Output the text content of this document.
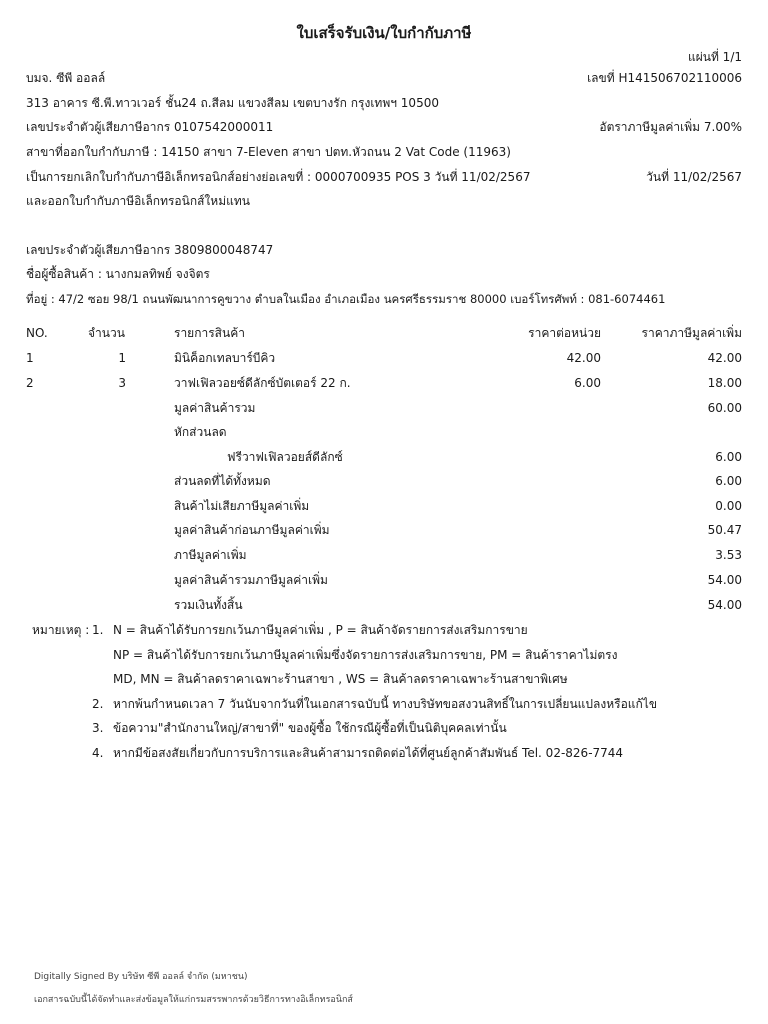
ใบเสร็จรับเงิน/ใบกำกับภาษี
แผ่นที่ 1/1
บมจ. ซีพี ออลล์	เลขที่ H141506702110006
313 อาคาร ซี.พี.ทาวเวอร์ ชั้น24 ถ.สีลม แขวงสีลม เขตบางรัก กรุงเทพฯ 10500
เลขประจำตัวผู้เสียภาษีอากร 0107542000011	อัตราภาษีมูลค่าเพิ่ม 7.00%
สาขาที่ออกใบกำกับภาษี : 14150 สาขา 7-Eleven สาขา ปตท.หัวถนน 2 Vat Code (11963)
เป็นการยกเลิกใบกำกับภาษีอิเล็กทรอนิกส์อย่างย่อเลขที่ : 0000700935 POS 3 วันที่ 11/02/2567	วันที่ 11/02/2567
และออกใบกำกับภาษีอิเล็กทรอนิกส์ใหม่แทน
เลขประจำตัวผู้เสียภาษีอากร 3809800048747
ชื่อผู้ซื้อสินค้า : นางกมลทิพย์ จงจิตร
ที่อยู่ : 47/2 ซอย 98/1 ถนนพัฒนาการคูขวาง ตำบลในเมือง อำเภอเมือง นครศรีธรรมราช 80000 เบอร์โทรศัพท์ : 081-6074461
NO.	จำนวน	รายการสินค้า	ราคาต่อหน่วย	ราคาภาษีมูลค่าเพิ่ม
1	1	มินิค็อกเทลบาร์บีคิว	42.00	42.00
2	3	วาฟเฟิลวอยซ์ดีลักซ์บัตเตอร์ 22 ก.	6.00	18.00
มูลค่าสินค้ารวม	60.00
หักส่วนลด
ฟรีวาฟเฟิลวอยส์ดีลักซ์	6.00
ส่วนลดที่ได้ทั้งหมด	6.00
สินค้าไม่เสียภาษีมูลค่าเพิ่ม	0.00
มูลค่าสินค้าก่อนภาษีมูลค่าเพิ่ม	50.47
ภาษีมูลค่าเพิ่ม	3.53
มูลค่าสินค้ารวมภาษีมูลค่าเพิ่ม	54.00
รวมเงินทั้งสิ้น	54.00
หมายเหตุ : 1. N = สินค้าได้รับการยกเว้นภาษีมูลค่าเพิ่ม , P = สินค้าจัดรายการส่งเสริมการขาย
NP = สินค้าได้รับการยกเว้นภาษีมูลค่าเพิ่มซึ่งจัดรายการส่งเสริมการขาย, PM = สินค้าราคาไม่ตรง
MD, MN = สินค้าลดราคาเฉพาะร้านสาขา , WS = สินค้าลดราคาเฉพาะร้านสาขาพิเศษ
2. หากพ้นกำหนดเวลา 7 วันนับจากวันที่ในเอกสารฉบับนี้ ทางบริษัทขอสงวนสิทธิ์ในการเปลี่ยนแปลงหรือแก้ไข
3. ข้อความ"สำนักงานใหญ่/สาขาที่" ของผู้ซื้อ ใช้กรณีผู้ซื้อที่เป็นนิติบุคคลเท่านั้น
4. หากมีข้อสงสัยเกี่ยวกับการบริการและสินค้าสามารถติดต่อได้ที่ศูนย์ลูกค้าสัมพันธ์ Tel. 02-826-7744
Digitally Signed By บริษัท ซีพี ออลล์ จำกัด (มหาชน)
เอกสารฉบับนี้ได้จัดทำและส่งข้อมูลให้แก่กรมสรรพากรด้วยวิธีการทางอิเล็กทรอนิกส์
